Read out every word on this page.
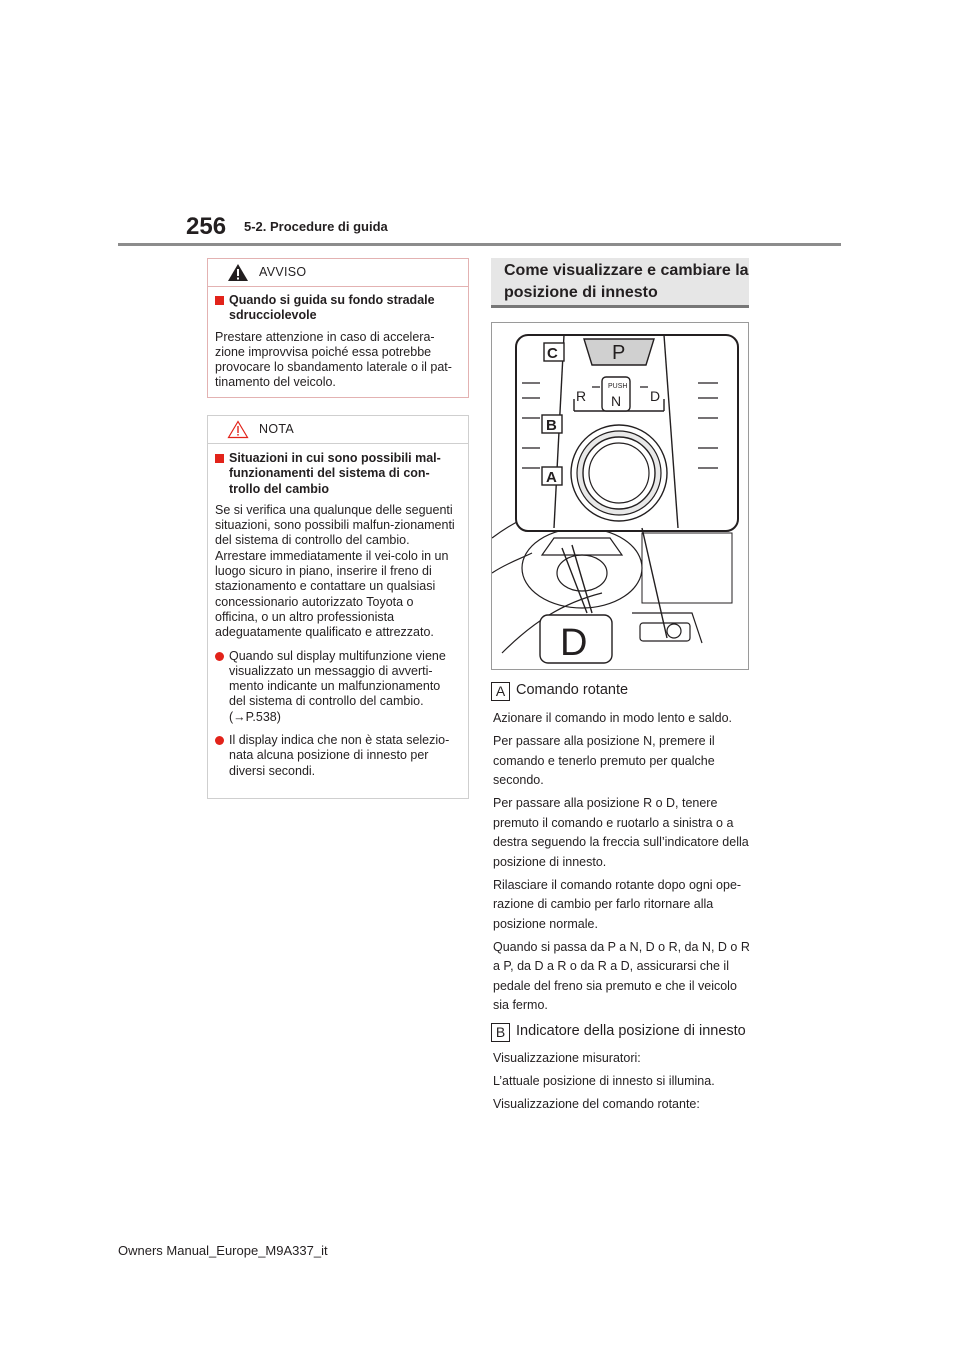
256 5-2. Procedure di guida
AVVISO
Quando si guida su fondo stradale sdrucciolevole
Prestare attenzione in caso di accelera-zione improvvisa poiché essa potrebbe provocare lo sbandamento laterale o il pat-tinamento del veicolo.
NOTA
Situazioni in cui sono possibili mal-funzionamenti del sistema di con-trollo del cambio
Se si verifica una qualunque delle seguenti situazioni, sono possibili malfun-zionamenti del sistema di controllo del cambio. Arrestare immediatamente il vei-colo in un luogo sicuro in piano, inserire il freno di stazionamento e contattare un qualsiasi concessionario autorizzato Toyota o officina, o un altro professionista adeguatamente qualificato e attrezzato.
Quando sul display multifunzione viene visualizzato un messaggio di avverti-mento indicante un malfunzionamento del sistema di controllo del cambio. (→P.538)
Il display indica che non è stata selezio-nata alcuna posizione di innesto per diversi secondi.
Come visualizzare e cambiare la posizione di innesto
C
B
A
P
R	D
PUSH
N
D
A Comando rotante

Azionare il comando in modo lento e saldo.

Per passare alla posizione N, premere il comando e tenerlo premuto per qualche secondo.

Per passare alla posizione R o D, tenere premuto il comando e ruotarlo a sinistra o a destra seguendo la freccia sull’indicatore della posizione di innesto.

Rilasciare il comando rotante dopo ogni ope-razione di cambio per farlo ritornare alla posizione normale.

Quando si passa da P a N, D o R, da N, D o R a P, da D a R o da R a D, assicurarsi che il pedale del freno sia premuto e che il veicolo sia fermo.

B Indicatore della posizione di innesto

Visualizzazione misuratori:

L’attuale posizione di innesto si illumina.

Visualizzazione del comando rotante:

Owners Manual_Europe_M9A337_it
